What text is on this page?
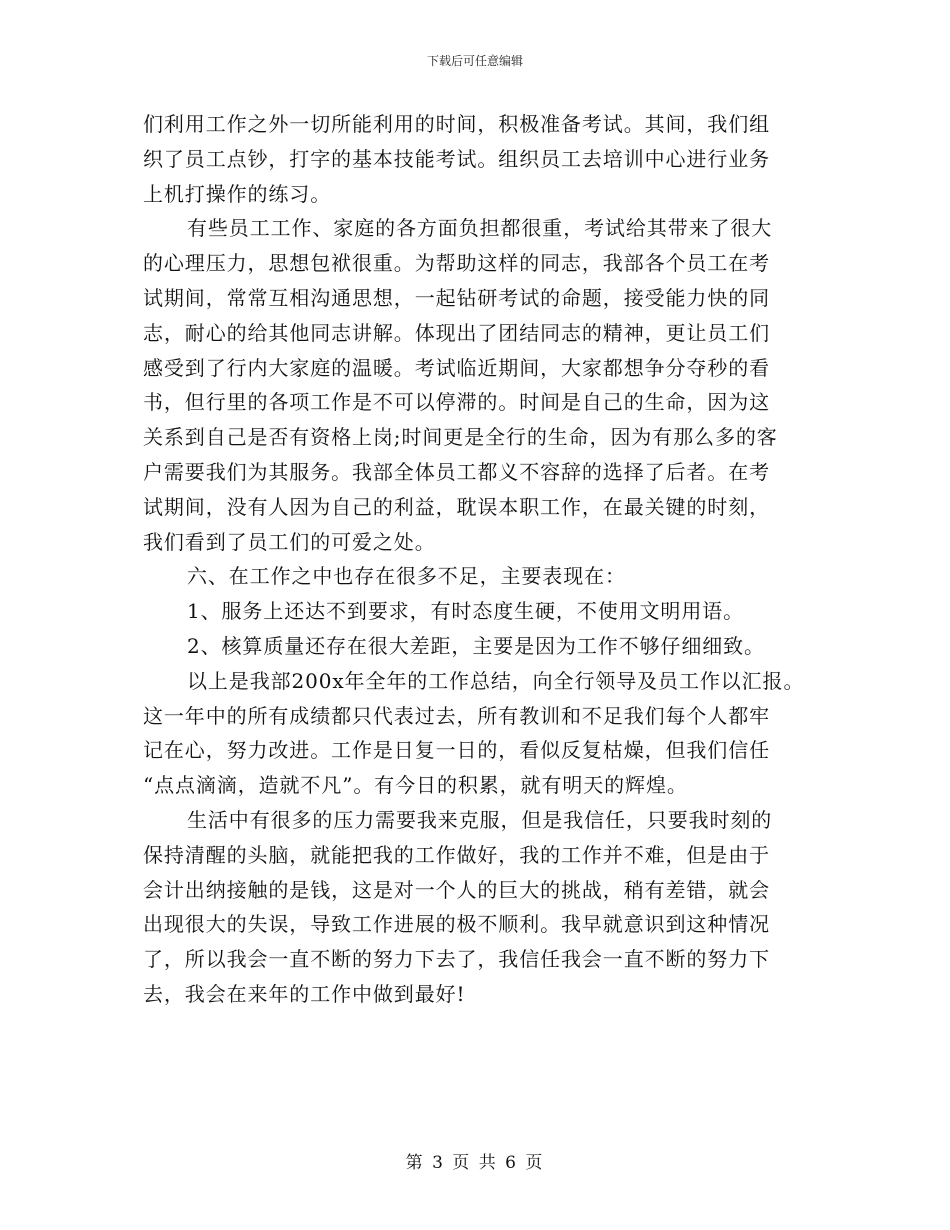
下载后可任意编辑
们利用工作之外一切所能利用的时间，积极准备考试。其间，我们组
织了员工点钞，打字的基本技能考试。组织员工去培训中心进行业务
上机打操作的练习。
有些员工工作、家庭的各方面负担都很重，考试给其带来了很大
的心理压力，思想包袱很重。为帮助这样的同志，我部各个员工在考
试期间，常常互相沟通思想，一起钻研考试的命题，接受能力快的同
志，耐心的给其他同志讲解。体现出了团结同志的精神，更让员工们
感受到了行内大家庭的温暖。考试临近期间，大家都想争分夺秒的看
书，但行里的各项工作是不可以停滞的。时间是自己的生命，因为这
关系到自己是否有资格上岗;时间更是全行的生命，因为有那么多的客
户需要我们为其服务。我部全体员工都义不容辞的选择了后者。在考
试期间，没有人因为自己的利益，耽误本职工作，在最关键的时刻，
我们看到了员工们的可爱之处。
六、在工作之中也存在很多不足，主要表现在：
1、服务上还达不到要求，有时态度生硬，不使用文明用语。
2、核算质量还存在很大差距，主要是因为工作不够仔细细致。
以上是我部200x年全年的工作总结，向全行领导及员工作以汇报。
这一年中的所有成绩都只代表过去，所有教训和不足我们每个人都牢
记在心，努力改进。工作是日复一日的，看似反复枯燥，但我们信任
“点点滴滴，造就不凡”。有今日的积累，就有明天的辉煌。
生活中有很多的压力需要我来克服，但是我信任，只要我时刻的
保持清醒的头脑，就能把我的工作做好，我的工作并不难，但是由于
会计出纳接触的是钱，这是对一个人的巨大的挑战，稍有差错，就会
出现很大的失误，导致工作进展的极不顺利。我早就意识到这种情况
了，所以我会一直不断的努力下去了，我信任我会一直不断的努力下
去，我会在来年的工作中做到最好!
第 3 页 共 6 页
